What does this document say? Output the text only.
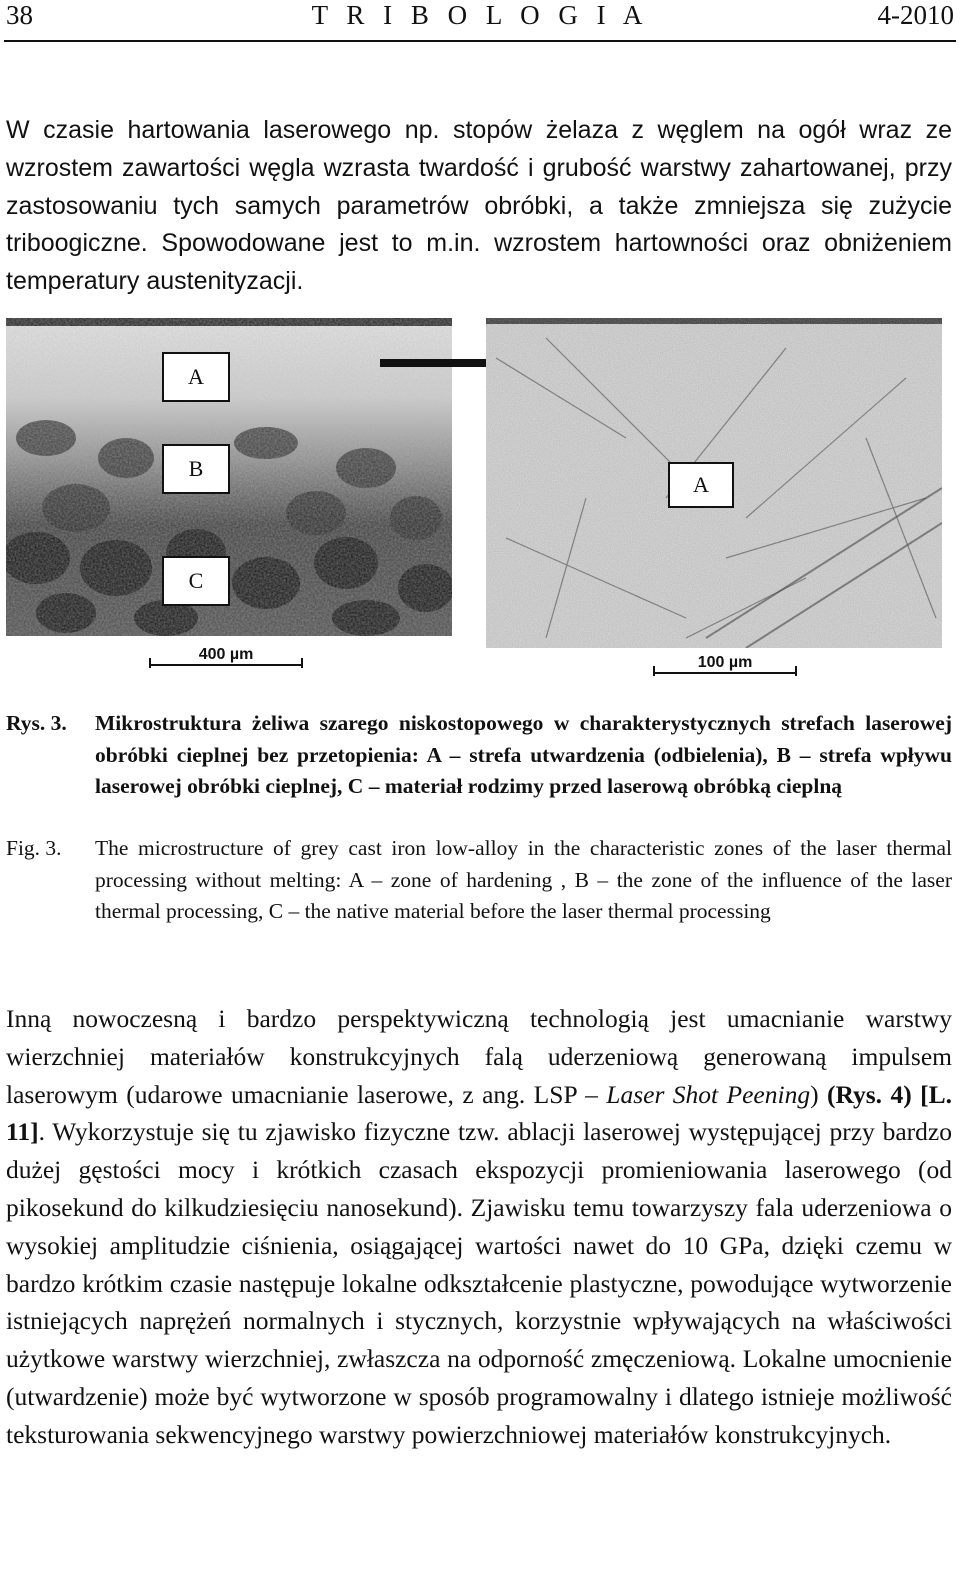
38	T R I B O L O G I A	4-2010

W czasie hartowania laserowego np. stopów żelaza z węglem na ogół wraz ze wzrostem zawartości węgla wzrasta twardość i grubość warstwy zahartowanej, przy zastosowaniu tych samych parametrów obróbki, a także zmniejsza się zużycie triboogiczne. Spowodowane jest to m.in. wzrostem hartowności oraz obniżeniem temperatury austenityzacji.

A
B
C
400 µm
A
100 µm
Rys. 3. Mikrostruktura żeliwa szarego niskostopowego w charakterystycznych strefach laserowej obróbki cieplnej bez przetopienia: A – strefa utwardzenia (odbielenia), B – strefa wpływu laserowej obróbki cieplnej, C – materiał rodzimy przed laserową obróbką cieplną
Fig. 3. The microstructure of grey cast iron low-alloy in the characteristic zones of the laser thermal processing without melting: A – zone of hardening , B – the zone of the influence of the laser thermal processing, C – the native material before the laser thermal processing

Inną nowoczesną i bardzo perspektywiczną technologią jest umacnianie warstwy wierzchniej materiałów konstrukcyjnych falą uderzeniową generowaną impulsem laserowym (udarowe umacnianie laserowe, z ang. LSP – Laser Shot Peening) (Rys. 4) [L. 11]. Wykorzystuje się tu zjawisko fizyczne tzw. ablacji laserowej występującej przy bardzo dużej gęstości mocy i krótkich czasach ekspozycji promieniowania laserowego (od pikosekund do kilkudziesięciu nanosekund). Zjawisku temu towarzyszy fala uderzeniowa o wysokiej amplitudzie ciśnienia, osiągającej wartości nawet do 10 GPa, dzięki czemu w bardzo krótkim czasie następuje lokalne odkształcenie plastyczne, powodujące wytworzenie istniejących naprężeń normalnych i stycznych, korzystnie wpływających na właściwości użytkowe warstwy wierzchniej, zwłaszcza na odporność zmęczeniową. Lokalne umocnienie (utwardzenie) może być wytworzone w sposób programowalny i dlatego istnieje możliwość teksturowania sekwencyjnego warstwy powierzchniowej materiałów konstrukcyjnych.
